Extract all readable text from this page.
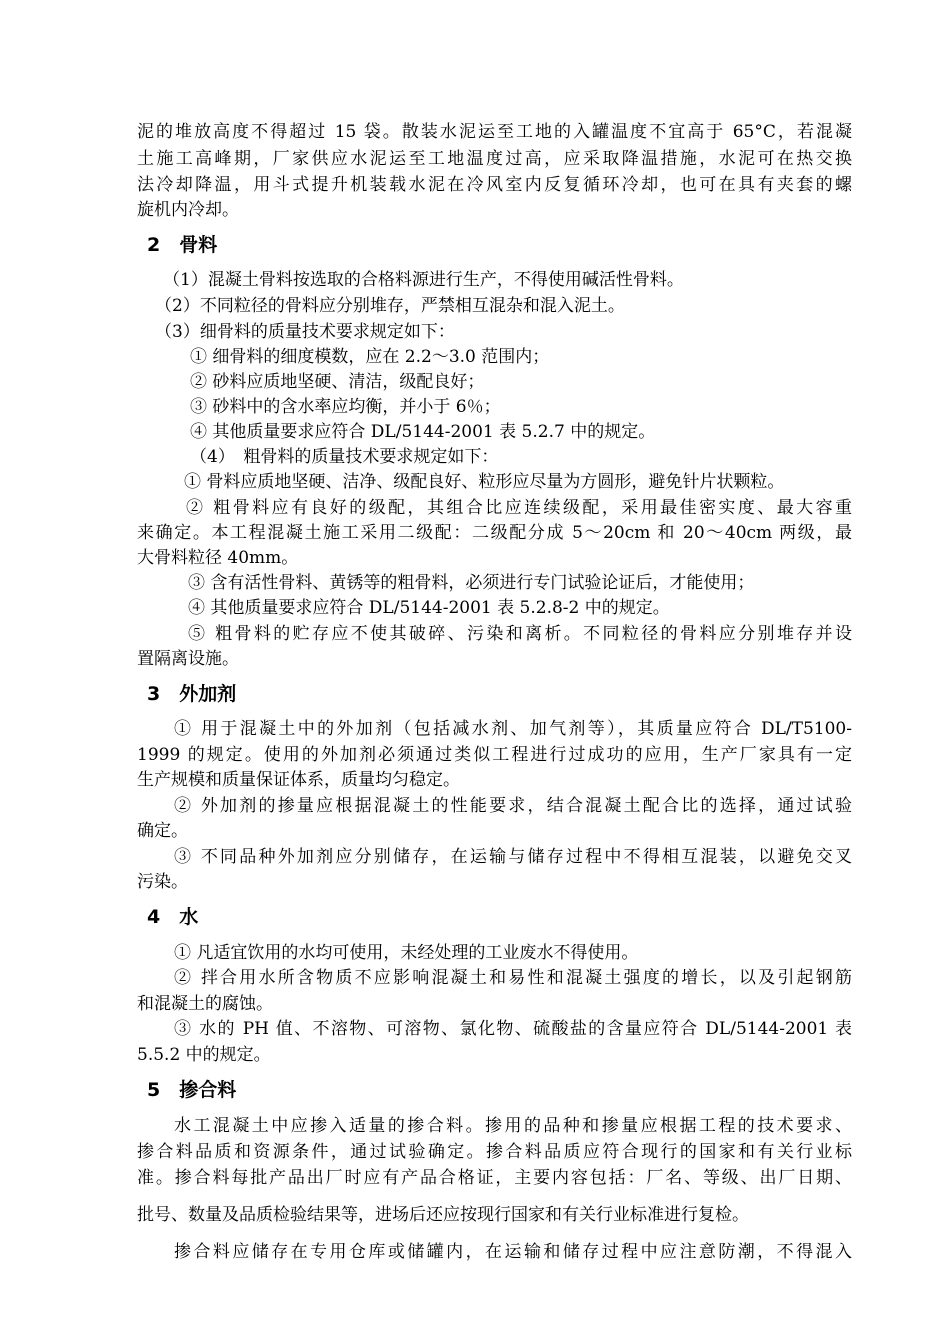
泥的堆放高度不得超过 15 袋。散装水泥运至工地的入罐温度不宜高于 65°C，若混凝
土施工高峰期，厂家供应水泥运至工地温度过高，应采取降温措施，水泥可在热交换
法冷却降温，用斗式提升机装载水泥在冷风室内反复循环冷却，也可在具有夹套的螺
旋机内冷却。
2　 骨料
（1）混凝土骨料按选取的合格料源进行生产，不得使用碱活性骨料。
（2）不同粒径的骨料应分别堆存，严禁相互混杂和混入泥土。
（3）细骨料的质量技术要求规定如下：
① 细骨料的细度模数，应在 2.2～3.0 范围内；
② 砂料应质地坚硬、清洁，级配良好；
③ 砂料中的含水率应均衡，并小于 6％；
④ 其他质量要求应符合 DL/5144-2001 表 5.2.7 中的规定。
（4）　粗骨料的质量技术要求规定如下：
① 骨料应质地坚硬、洁净、级配良好、粒形应尽量为方圆形，避免针片状颗粒。
② 粗骨料应有良好的级配，其组合比应连续级配，采用最佳密实度、最大容重
来确定。本工程混凝土施工采用二级配：二级配分成 5～20cm 和 20～40cm 两级，最
大骨料粒径 40mm。
③ 含有活性骨料、黄锈等的粗骨料，必须进行专门试验论证后，才能使用；
④ 其他质量要求应符合 DL/5144-2001 表 5.2.8-2 中的规定。
⑤ 粗骨料的贮存应不使其破碎、污染和离析。不同粒径的骨料应分别堆存并设
置隔离设施。
3　 外加剂
① 用于混凝土中的外加剂（包括减水剂、加气剂等），其质量应符合 DL/T5100-
1999 的规定。使用的外加剂必须通过类似工程进行过成功的应用，生产厂家具有一定
生产规模和质量保证体系，质量均匀稳定。
② 外加剂的掺量应根据混凝土的性能要求，结合混凝土配合比的选择，通过试验
确定。
③ 不同品种外加剂应分别储存，在运输与储存过程中不得相互混装，以避免交叉
污染。
4　 水
① 凡适宜饮用的水均可使用，未经处理的工业废水不得使用。
② 拌合用水所含物质不应影响混凝土和易性和混凝土强度的增长，以及引起钢筋
和混凝土的腐蚀。
③ 水的 PH 值、不溶物、可溶物、氯化物、硫酸盐的含量应符合 DL/5144-2001 表
5.5.2 中的规定。
5　 掺合料
水工混凝土中应掺入适量的掺合料。掺用的品种和掺量应根据工程的技术要求、
掺合料品质和资源条件，通过试验确定。掺合料品质应符合现行的国家和有关行业标
准。掺合料每批产品出厂时应有产品合格证，主要内容包括：厂名、等级、出厂日期、
批号、数量及品质检验结果等，进场后还应按现行国家和有关行业标准进行复检。
掺合料应储存在专用仓库或储罐内，在运输和储存过程中应注意防潮，不得混入
